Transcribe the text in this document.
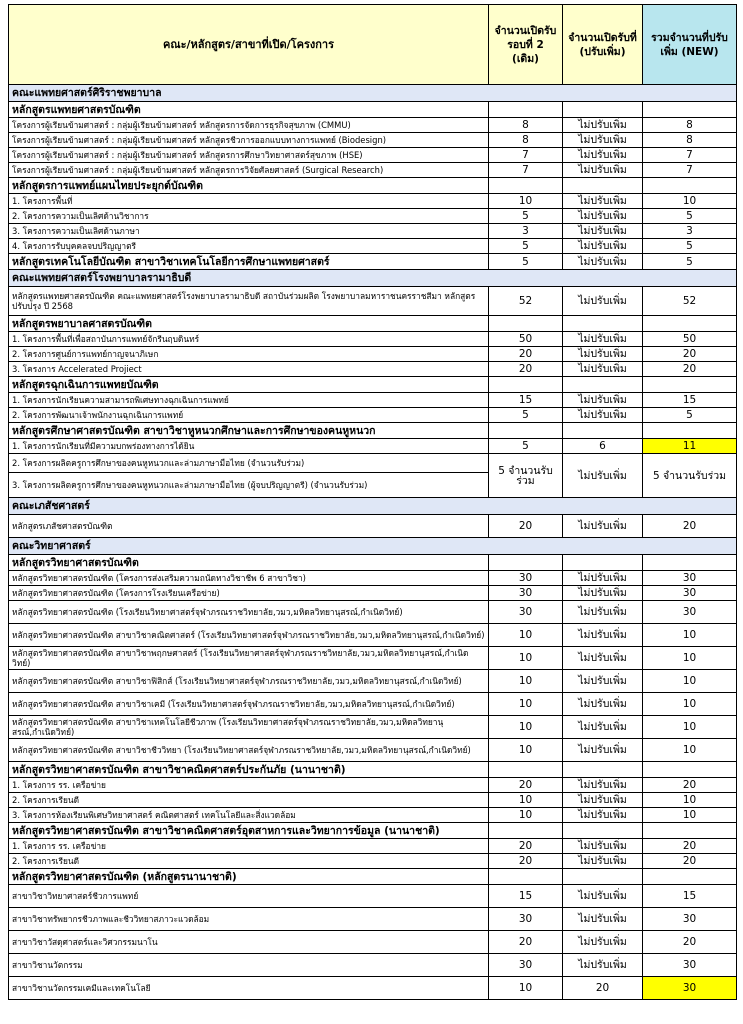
คณะ/หลักสูตร/สาขาที่เปิด/โครงการ	จำนวนเปิดรับรอบที่ 2 (เดิม)	จำนวนเปิดรับที่ (ปรับเพิ่ม)	รวมจำนวนที่ปรับเพิ่ม (NEW)
คณะแพทยศาสตร์ศิริราชพยาบาล			
หลักสูตรแพทยศาสตรบัณฑิต			
โครงการผู้เรียนข้ามศาสตร์ : กลุ่มผู้เรียนข้ามศาสตร์ หลักสูตรการจัดการธุรกิจสุขภาพ (CMMU)	8	ไม่ปรับเพิ่ม	8
โครงการผู้เรียนข้ามศาสตร์ : กลุ่มผู้เรียนข้ามศาสตร์ หลักสูตรชีวการออกแบบทางการแพทย์ (Biodesign)	8	ไม่ปรับเพิ่ม	8
โครงการผู้เรียนข้ามศาสตร์ : กลุ่มผู้เรียนข้ามศาสตร์ หลักสูตรการศึกษาวิทยาศาสตร์สุขภาพ (HSE)	7	ไม่ปรับเพิ่ม	7
โครงการผู้เรียนข้ามศาสตร์ : กลุ่มผู้เรียนข้ามศาสตร์ หลักสูตรการวิจัยศัลยศาสตร์ (Surgical Research)	7	ไม่ปรับเพิ่ม	7
หลักสูตรการแพทย์แผนไทยประยุกต์บัณฑิต			
1. โครงการพื้นที่	10	ไม่ปรับเพิ่ม	10
2. โครงการความเป็นเลิศด้านวิชาการ	5	ไม่ปรับเพิ่ม	5
3. โครงการความเป็นเลิศด้านภาษา	3	ไม่ปรับเพิ่ม	3
4. โครงการรับบุคคลจบปริญญาตรี	5	ไม่ปรับเพิ่ม	5
หลักสูตรเทคโนโลยีบัณฑิต สาขาวิชาเทคโนโลยีการศึกษาแพทยศาสตร์	5	ไม่ปรับเพิ่ม	5
คณะแพทยศาสตร์โรงพยาบาลรามาธิบดี			
หลักสูตรแพทยศาสตรบัณฑิต คณะแพทยศาสตร์โรงพยาบาลรามาธิบดี สถาบันร่วมผลิต โรงพยาบาลมหาราชนครราชสีมา หลักสูตรปรับปรุง ปี 2568	52	ไม่ปรับเพิ่ม	52
หลักสูตรพยาบาลศาสตรบัณฑิต			
1. โครงการพื้นที่เพื่อสถาบันการแพทย์จักรีนฤบดินทร์	50	ไม่ปรับเพิ่ม	50
2. โครงการศูนย์การแพทย์กาญจนาภิเษก	20	ไม่ปรับเพิ่ม	20
3. โครงการ Accelerated Projiect	20	ไม่ปรับเพิ่ม	20
หลักสูตรฉุกเฉินการแพทยบัณฑิต			
1. โครงการนักเรียนความสามารถพิเศษทางฉุกเฉินการแพทย์	15	ไม่ปรับเพิ่ม	15
2. โครงการพัฒนาเจ้าพนักงานฉุกเฉินการแพทย์	5	ไม่ปรับเพิ่ม	5
หลักสูตรศึกษาศาสตรบัณฑิต สาขาวิชาหูหนวกศึกษาและการศึกษาของคนหูหนวก			
1. โครงการนักเรียนที่มีความบกพร่องทางการได้ยิน	5	6	11
2. โครงการผลิตครูการศึกษาของคนหูหนวกและล่ามภาษามือไทย (จำนวนรับร่วม)	5 จำนวนรับร่วม	ไม่ปรับเพิ่ม	5 จำนวนรับร่วม
3. โครงการผลิตครูการศึกษาของคนหูหนวกและล่ามภาษามือไทย (ผู้จบปริญญาตรี) (จำนวนรับร่วม)			
คณะเภสัชศาสตร์			
หลักสูตรเภสัชศาสตรบัณฑิต	20	ไม่ปรับเพิ่ม	20
คณะวิทยาศาสตร์			
หลักสูตรวิทยาศาสตรบัณฑิต			
หลักสูตรวิทยาศาสตรบัณฑิต (โครงการส่งเสริมความถนัดทางวิชาชีพ 6 สาขาวิชา)	30	ไม่ปรับเพิ่ม	30
หลักสูตรวิทยาศาสตรบัณฑิต (โครงการโรงเรียนเครือข่าย)	30	ไม่ปรับเพิ่ม	30
หลักสูตรวิทยาศาสตรบัณฑิต (โรงเรียนวิทยาศาสตร์จุฬาภรณราชวิทยาลัย,วมว,มหิดลวิทยานุสรณ์,กำเนิดวิทย์)	30	ไม่ปรับเพิ่ม	30
หลักสูตรวิทยาศาสตรบัณฑิต สาขาวิชาคณิตศาสตร์ (โรงเรียนวิทยาศาสตร์จุฬาภรณราชวิทยาลัย,วมว,มหิดลวิทยานุสรณ์,กำเนิดวิทย์)	10	ไม่ปรับเพิ่ม	10
หลักสูตรวิทยาศาสตรบัณฑิต สาขาวิชาพฤกษศาสตร์ (โรงเรียนวิทยาศาสตร์จุฬาภรณราชวิทยาลัย,วมว,มหิดลวิทยานุสรณ์,กำเนิดวิทย์)	10	ไม่ปรับเพิ่ม	10
หลักสูตรวิทยาศาสตรบัณฑิต สาขาวิชาฟิสิกส์ (โรงเรียนวิทยาศาสตร์จุฬาภรณราชวิทยาลัย,วมว,มหิดลวิทยานุสรณ์,กำเนิดวิทย์)	10	ไม่ปรับเพิ่ม	10
หลักสูตรวิทยาศาสตรบัณฑิต สาขาวิชาเคมี (โรงเรียนวิทยาศาสตร์จุฬาภรณราชวิทยาลัย,วมว,มหิดลวิทยานุสรณ์,กำเนิดวิทย์)	10	ไม่ปรับเพิ่ม	10
หลักสูตรวิทยาศาสตรบัณฑิต สาขาวิชาเทคโนโลยีชีวภาพ (โรงเรียนวิทยาศาสตร์จุฬาภรณราชวิทยาลัย,วมว,มหิดลวิทยานุสรณ์,กำเนิดวิทย์)	10	ไม่ปรับเพิ่ม	10
หลักสูตรวิทยาศาสตรบัณฑิต สาขาวิชาชีววิทยา (โรงเรียนวิทยาศาสตร์จุฬาภรณราชวิทยาลัย,วมว,มหิดลวิทยานุสรณ์,กำเนิดวิทย์)	10	ไม่ปรับเพิ่ม	10
หลักสูตรวิทยาศาสตรบัณฑิต สาขาวิชาคณิตศาสตร์ประกันภัย (นานาชาติ)			
1. โครงการ รร. เครือข่าย	20	ไม่ปรับเพิ่ม	20
2. โครงการเรียนดี	10	ไม่ปรับเพิ่ม	10
3. โครงการห้องเรียนพิเศษวิทยาศาสตร์ คณิตศาสตร์ เทคโนโลยีและสิ่งแวดล้อม	10	ไม่ปรับเพิ่ม	10
หลักสูตรวิทยาศาสตรบัณฑิต สาขาวิชาคณิตศาสตร์อุตสาหการและวิทยาการข้อมูล (นานาชาติ)			
1. โครงการ รร. เครือข่าย	20	ไม่ปรับเพิ่ม	20
2. โครงการเรียนดี	20	ไม่ปรับเพิ่ม	20
หลักสูตรวิทยาศาสตรบัณฑิต (หลักสูตรนานาชาติ)			
สาขาวิชาวิทยาศาสตร์ชีวการแพทย์	15	ไม่ปรับเพิ่ม	15
สาขาวิชาทรัพยากรชีวภาพและชีววิทยาสภาวะแวดล้อม	30	ไม่ปรับเพิ่ม	30
สาขาวิชาวัสดุศาสตร์และวิศวกรรมนาโน	20	ไม่ปรับเพิ่ม	20
สาขาวิชานวัตกรรม	30	ไม่ปรับเพิ่ม	30
สาขาวิชานวัตกรรมเคมีและเทคโนโลยี	10	20	30
